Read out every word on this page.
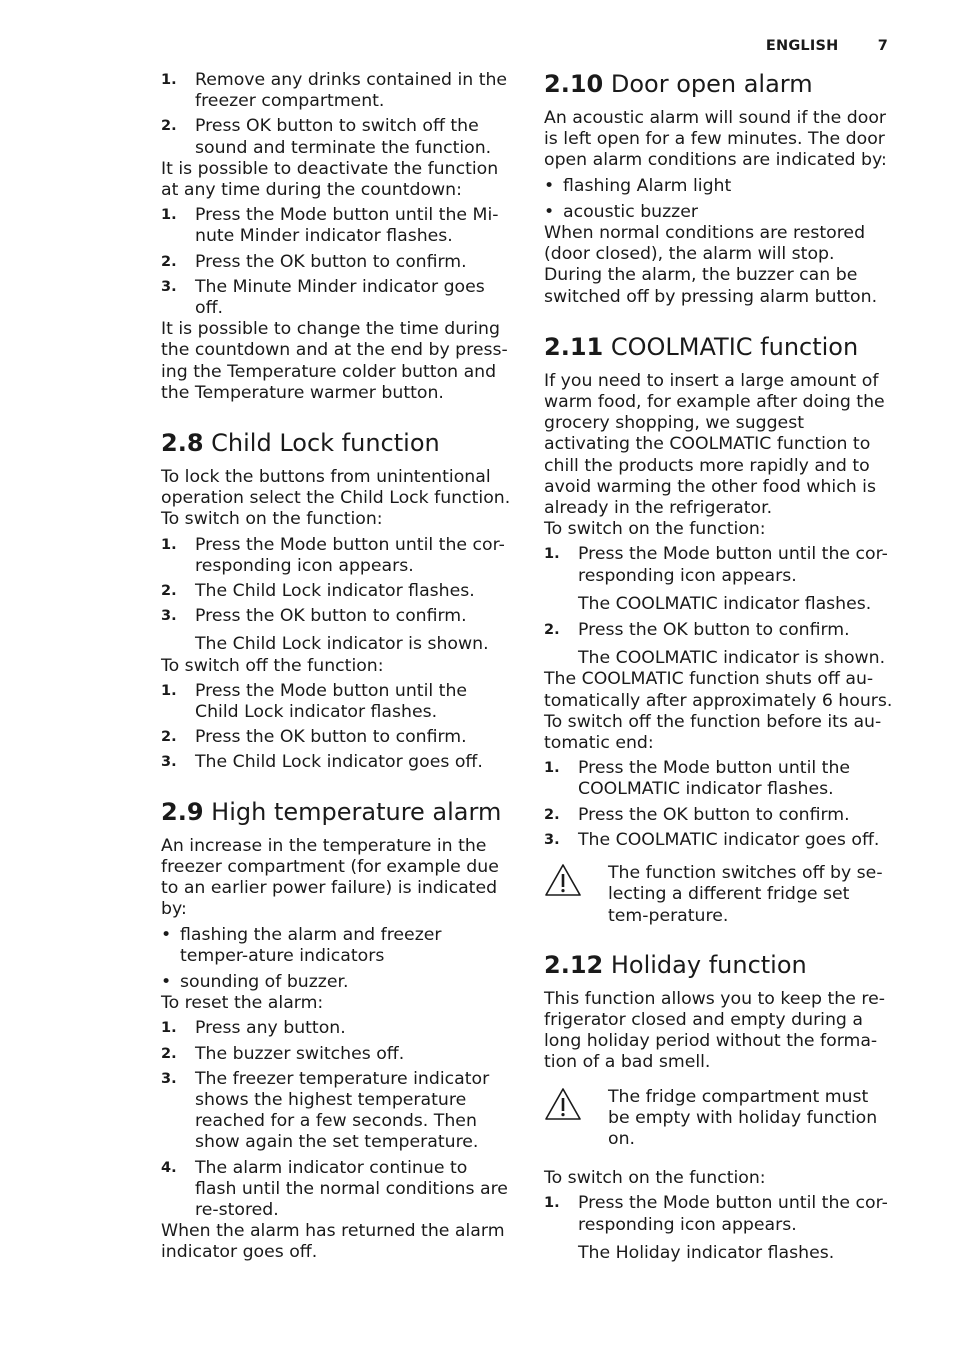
ENGLISH	7
1. Remove any drinks contained in the freezer compartment.
2. Press OK button to switch off the sound and terminate the function.

It is possible to deactivate the function at any time during the countdown:

1. Press the Mode button until the Mi-nute Minder indicator flashes.
2. Press the OK button to confirm.
3. The Minute Minder indicator goes off.

It is possible to change the time during the countdown and at the end by press-ing the Temperature colder button and the Temperature warmer button.

2.8 Child Lock function

To lock the buttons from unintentional operation select the Child Lock function.

To switch on the function:

1. Press the Mode button until the cor-responding icon appears.
2. The Child Lock indicator flashes.
3. Press the OK button to confirm.

The Child Lock indicator is shown.

To switch off the function:

1. Press the Mode button until the Child Lock indicator flashes.
2. Press the OK button to confirm.
3. The Child Lock indicator goes off.
2.9 High temperature alarm

An increase in the temperature in the freezer compartment (for example due to an earlier power failure) is indicated by:

• flashing the alarm and freezer temper-ature indicators
• sounding of buzzer.

To reset the alarm:

1. Press any button.
2. The buzzer switches off.
3. The freezer temperature indicator shows the highest temperature reached for a few seconds. Then show again the set temperature.
4. The alarm indicator continue to flash until the normal conditions are re-stored.

When the alarm has returned the alarm indicator goes off.

2.10 Door open alarm

An acoustic alarm will sound if the door is left open for a few minutes. The door open alarm conditions are indicated by:

• flashing Alarm light
• acoustic buzzer

When normal conditions are restored (door closed), the alarm will stop. During the alarm, the buzzer can be switched off by pressing alarm button.

2.11 COOLMATIC function

If you need to insert a large amount of warm food, for example after doing the grocery shopping, we suggest activating the COOLMATIC function to chill the products more rapidly and to avoid warming the other food which is already in the refrigerator.

To switch on the function:

1. Press the Mode button until the cor-responding icon appears.

The COOLMATIC indicator flashes.

2. Press the OK button to confirm.

The COOLMATIC indicator is shown.

The COOLMATIC function shuts off au-tomatically after approximately 6 hours. To switch off the function before its au-tomatic end:

1. Press the Mode button until the COOLMATIC indicator flashes.
2. Press the OK button to confirm.
3. The COOLMATIC indicator goes off.
The function switches off by se-lecting a different fridge set tem-perature.
2.12 Holiday function

This function allows you to keep the re-frigerator closed and empty during a long holiday period without the forma-tion of a bad smell.

The fridge compartment must be empty with holiday function on.

To switch on the function:

1. Press the Mode button until the cor-responding icon appears.

The Holiday indicator flashes.
